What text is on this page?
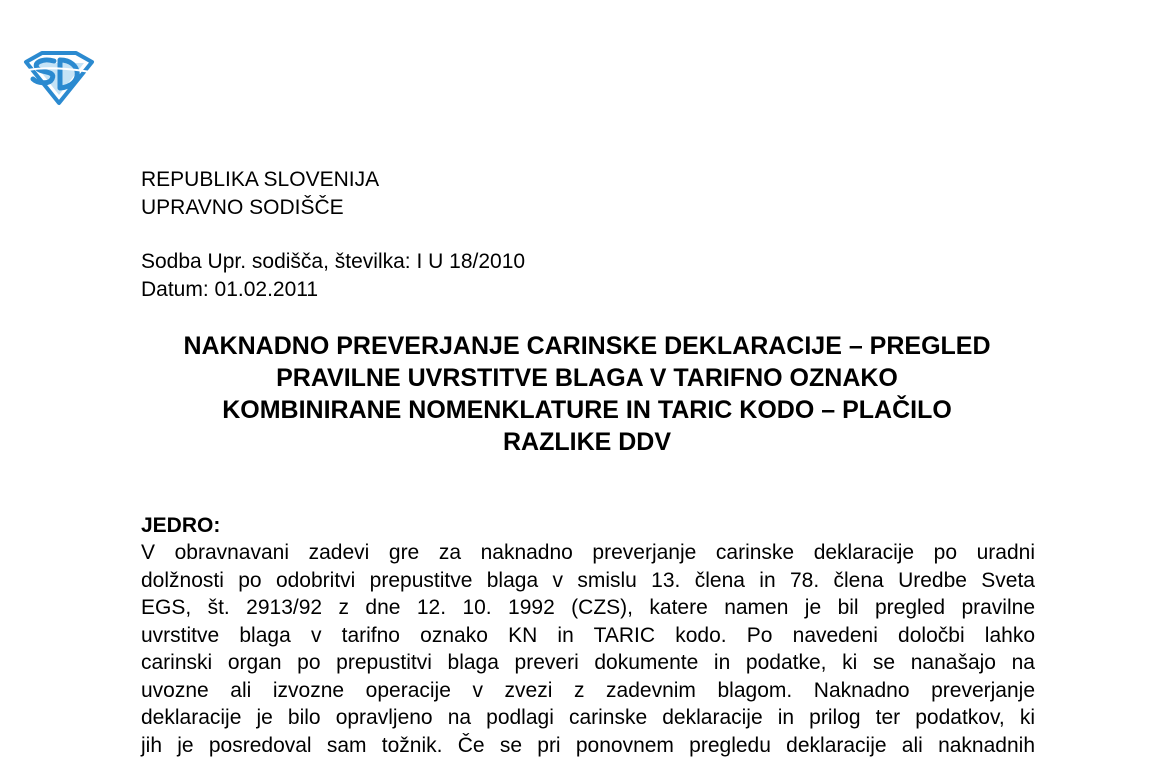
REPUBLIKA SLOVENIJA
UPRAVNO SODIŠČE
Sodba Upr. sodišča, številka: I U 18/2010
Datum: 01.02.2011
NAKNADNO PREVERJANJE CARINSKE DEKLARACIJE – PREGLED
PRAVILNE UVRSTITVE BLAGA V TARIFNO OZNAKO
KOMBINIRANE NOMENKLATURE IN TARIC KODO – PLAČILO
RAZLIKE DDV
JEDRO:
V obravnavani zadevi gre za naknadno preverjanje carinske deklaracije po uradni
dolžnosti po odobritvi prepustitve blaga v smislu 13. člena in 78. člena Uredbe Sveta
EGS, št. 2913/92 z dne 12. 10. 1992 (CZS), katere namen je bil pregled pravilne
uvrstitve blaga v tarifno oznako KN in TARIC kodo. Po navedeni določbi lahko
carinski organ po prepustitvi blaga preveri dokumente in podatke, ki se nanašajo na
uvozne ali izvozne operacije v zvezi z zadevnim blagom. Naknadno preverjanje
deklaracije je bilo opravljeno na podlagi carinske deklaracije in prilog ter podatkov, ki
jih je posredoval sam tožnik. Če se pri ponovnem pregledu deklaracije ali naknadnih
